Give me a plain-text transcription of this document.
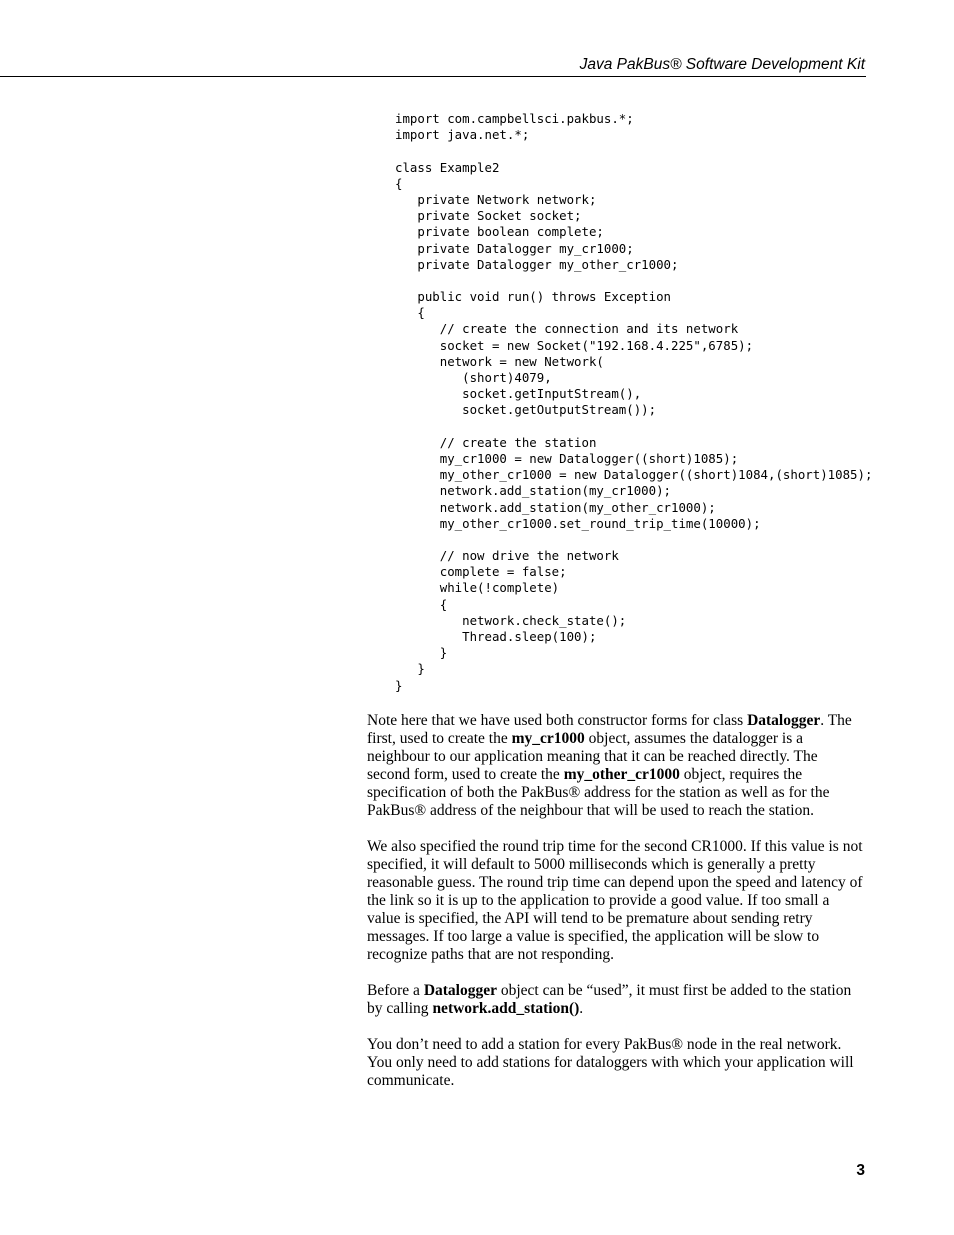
Java PakBus® Software Development Kit

import com.campbellsci.pakbus.*;
import java.net.*;
class Example2
{
private Network network;
private Socket socket;
private boolean complete;
private Datalogger my_cr1000;
private Datalogger my_other_cr1000;
public void run() throws Exception
{
// create the connection and its network
socket = new Socket("192.168.4.225",6785);
network = new Network(
(short)4079,
socket.getInputStream(),
socket.getOutputStream());
// create the station
my_cr1000 = new Datalogger((short)1085);
my_other_cr1000 = new Datalogger((short)1084,(short)1085);
network.add_station(my_cr1000);
network.add_station(my_other_cr1000);
my_other_cr1000.set_round_trip_time(10000);
// now drive the network
complete = false;
while(!complete)
{
network.check_state();
Thread.sleep(100);
}
}
}

Note here that we have used both constructor forms for class Datalogger. The first, used to create the my_cr1000 object, assumes the datalogger is a neighbour to our application meaning that it can be reached directly. The second form, used to create the my_other_cr1000 object, requires the specification of both the PakBus® address for the station as well as for the PakBus® address of the neighbour that will be used to reach the station.

We also specified the round trip time for the second CR1000. If this value is not specified, it will default to 5000 milliseconds which is generally a pretty reasonable guess. The round trip time can depend upon the speed and latency of the link so it is up to the application to provide a good value. If too small a value is specified, the API will tend to be premature about sending retry messages. If too large a value is specified, the application will be slow to recognize paths that are not responding.

Before a Datalogger object can be “used”, it must first be added to the station by calling network.add_station().

You don’t need to add a station for every PakBus® node in the real network. You only need to add stations for dataloggers with which your application will communicate.

3
